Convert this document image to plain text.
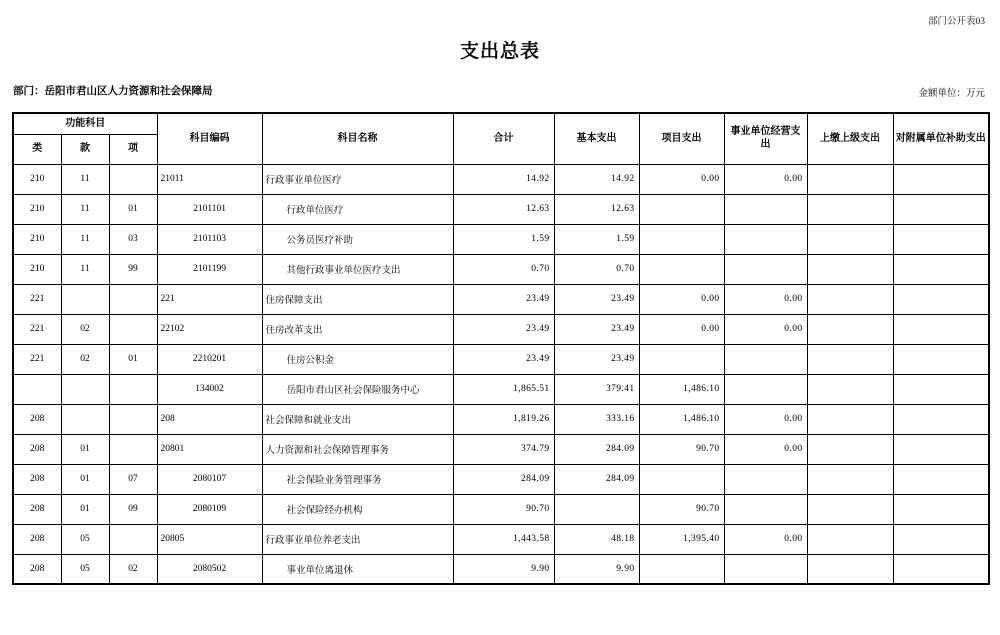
部门公开表03
支出总表
部门：岳阳市君山区人力资源和社会保障局	金额单位：万元
功能科目			科目编码	科目名称	合计	基本支出	项目支出	事业单位经营支出	上缴上级支出	对附属单位补助支出
类	款	项								
210	11		21011	行政事业单位医疗	14.92	14.92	0.00	0.00		
210	11	01	2101101	行政单位医疗	12.63	12.63				
210	11	03	2101103	公务员医疗补助	1.59	1.59				
210	11	99	2101199	其他行政事业单位医疗支出	0.70	0.70				
221			221	住房保障支出	23.49	23.49	0.00	0.00		
221	02		22102	住房改革支出	23.49	23.49	0.00	0.00		
221	02	01	2210201	住房公积金	23.49	23.49				
			134002	岳阳市君山区社会保险服务中心	1,865.51	379.41	1,486.10			
208			208	社会保障和就业支出	1,819.26	333.16	1,486.10	0.00		
208	01		20801	人力资源和社会保障管理事务	374.79	284.09	90.70	0.00		
208	01	07	2080107	社会保险业务管理事务	284.09	284.09				
208	01	09	2080109	社会保险经办机构	90.70		90.70			
208	05		20805	行政事业单位养老支出	1,443.58	48.18	1,395.40	0.00		
208	05	02	2080502	事业单位离退休	9.90	9.90				
